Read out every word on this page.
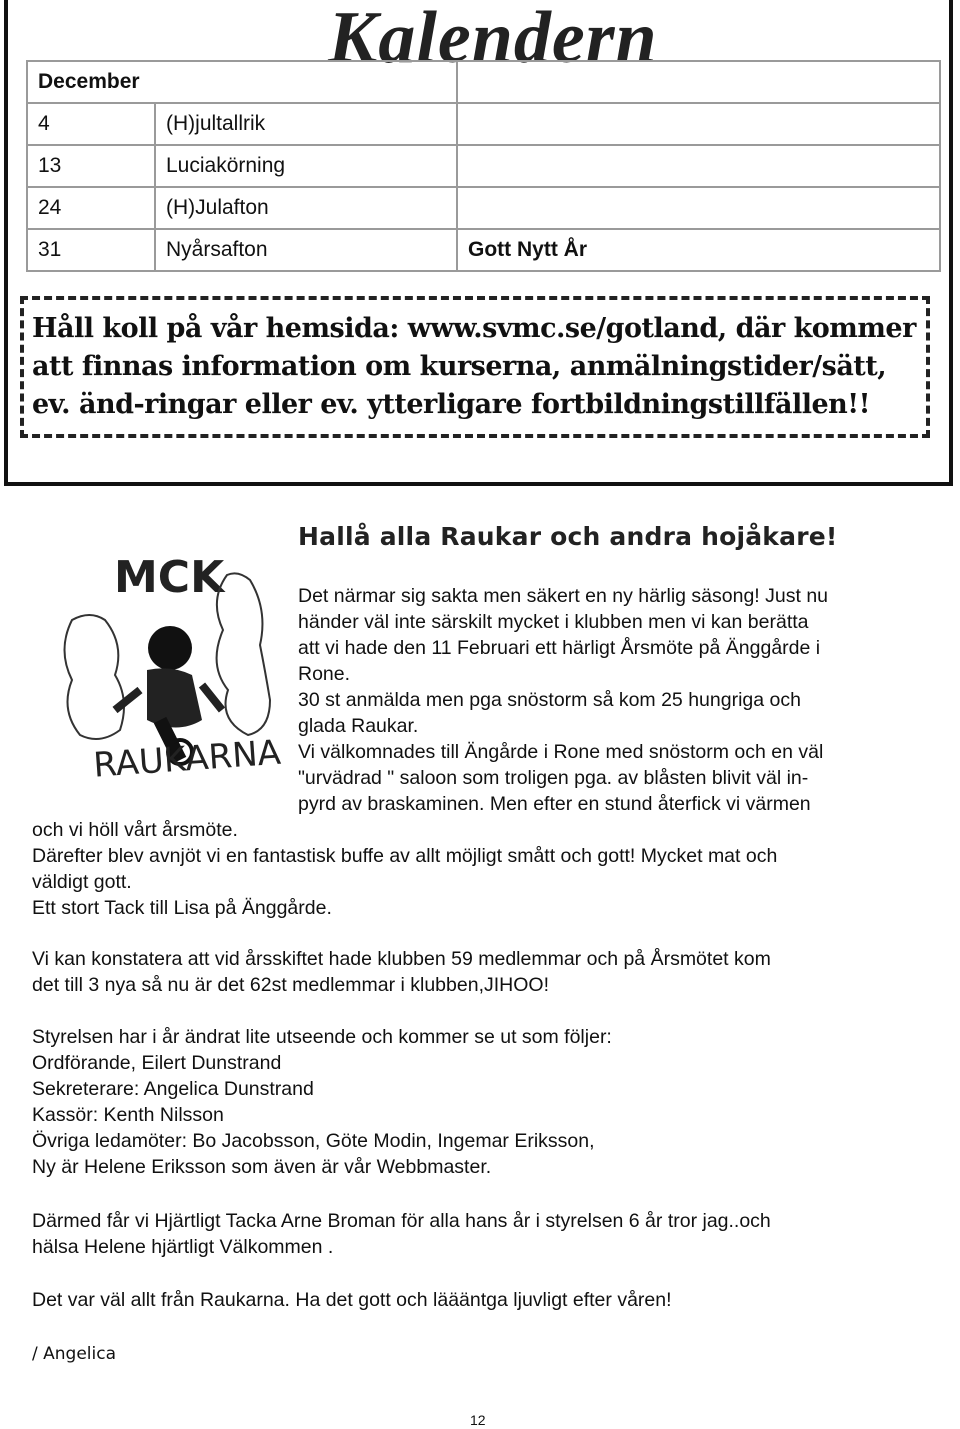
Kalendern
December		
4	(H)jultallrik	
13	Luciakörning	
24	(H)Julafton	
31	Nyårsafton	Gott Nytt År

Håll koll på vår hemsida: www.svmc.se/gotland, där kommer att finnas information om kurserna, anmälningstider/sätt, ev. änd-ringar eller ev. ytterligare fortbildningstillfällen!!

MCK
RAUKARNA
Hallå alla Raukar och andra hojåkare!
Det närmar sig sakta men säkert en ny härlig säsong! Just nu
händer väl inte särskilt mycket i klubben men vi kan berätta
att vi hade den 11 Februari ett härligt Årsmöte på Änggårde i
Rone.
30 st anmälda men pga snöstorm så kom 25 hungriga och
glada Raukar.
Vi välkomnades till Ängårde i Rone med snöstorm och en väl
"urvädrad " saloon som troligen pga. av blåsten blivit väl in-
pyrd av braskaminen. Men efter en stund återfick vi värmen
och vi höll vårt årsmöte.
Därefter blev avnjöt vi en fantastisk buffe av allt möjligt smått och gott! Mycket mat och
väldigt gott.
Ett stort Tack till Lisa på Änggårde.
Vi kan konstatera att vid årsskiftet hade klubben 59 medlemmar och på Årsmötet kom
det till 3 nya så nu är det 62st medlemmar i klubben,JIHOO!
Styrelsen har i år ändrat lite utseende och kommer se ut som följer:
Ordförande, Eilert Dunstrand
Sekreterare: Angelica Dunstrand
Kassör: Kenth Nilsson
Övriga ledamöter: Bo Jacobsson, Göte Modin, Ingemar Eriksson,
Ny är Helene Eriksson som även är vår Webbmaster.
Därmed får vi Hjärtligt Tacka Arne Broman för alla hans år i styrelsen 6 år tror jag..och
hälsa Helene hjärtligt Välkommen .
Det var väl allt från Raukarna. Ha det gott och läääntga ljuvligt efter våren!
/ Angelica
12
